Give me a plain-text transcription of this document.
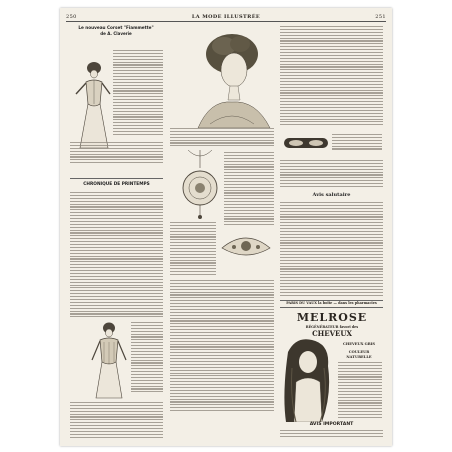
250	LA MODE ILLUSTRÉE	251
Le nouveau Corset "Fiammette"
de A. Claverie
CHRONIQUE DE PRINTEMPS
Avis salutaire
PARIS DU VAUX la boîte — dans les pharmacies
MELROSE
RÉGÉNÉRATEUR favori des
CHEVEUX
CHEVEUX GRIS
COULEUR NATURELLE
AVIS IMPORTANT
